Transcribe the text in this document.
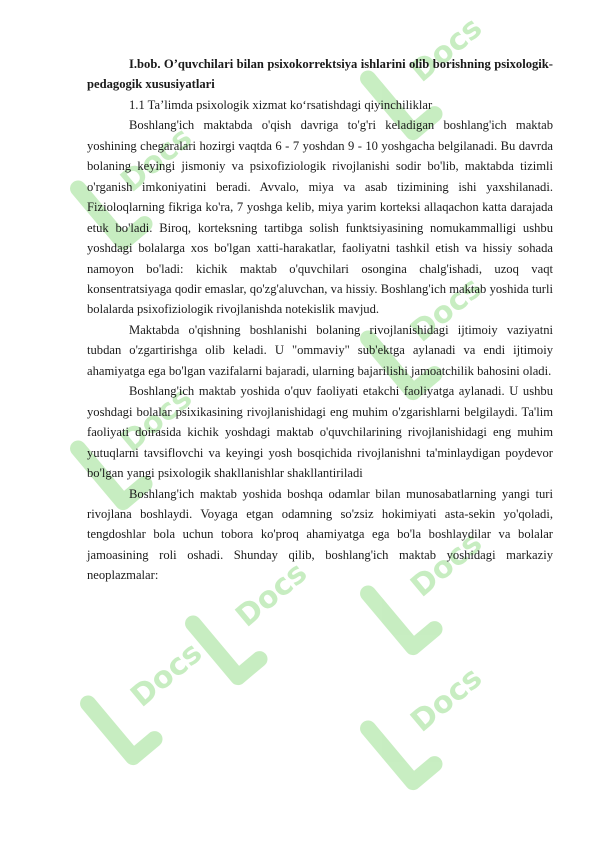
Docs
Docs
Docs
Docs
Docs
Docs	Docs
Docs

I.bob. O’quvchilari bilan psixokorrektsiya ishlarini olib borishning psixologik-pedagogik xususiyatlari

1.1 Ta’limda psixologik xizmat koʻrsatishdagi qiyinchiliklar

Boshlang'ich maktabda o'qish davriga to'g'ri keladigan boshlang'ich maktab yoshining chegaralari hozirgi vaqtda 6 - 7 yoshdan 9 - 10 yoshgacha belgilanadi. Bu davrda bolaning keyingi jismoniy va psixofiziologik rivojlanishi sodir bo'lib, maktabda tizimli o'rganish imkoniyatini beradi. Avvalo, miya va asab tizimining ishi yaxshilanadi. Fizioloqlarning fikriga ko'ra, 7 yoshga kelib, miya yarim korteksi allaqachon katta darajada etuk bo'ladi. Biroq, korteksning tartibga solish funktsiyasining nomukammalligi ushbu yoshdagi bolalarga xos bo'lgan xatti-harakatlar, faoliyatni tashkil etish va hissiy sohada namoyon bo'ladi: kichik maktab o'quvchilari osongina chalg'ishadi, uzoq vaqt konsentratsiyaga qodir emaslar, qo'zg'aluvchan, va hissiy. Boshlang'ich maktab yoshida turli bolalarda psixofiziologik rivojlanishda notekislik mavjud.

Maktabda o'qishning boshlanishi bolaning rivojlanishidagi ijtimoiy vaziyatni tubdan o'zgartirishga olib keladi. U "ommaviy" sub'ektga aylanadi va endi ijtimoiy ahamiyatga ega bo'lgan vazifalarni bajaradi, ularning bajarilishi jamoatchilik bahosini oladi.

Boshlang'ich maktab yoshida o'quv faoliyati etakchi faoliyatga aylanadi. U ushbu yoshdagi bolalar psixikasining rivojlanishidagi eng muhim o'zgarishlarni belgilaydi. Ta'lim faoliyati doirasida kichik yoshdagi maktab o'quvchilarining rivojlanishidagi eng muhim yutuqlarni tavsiflovchi va keyingi yosh bosqichida rivojlanishni ta'minlaydigan poydevor bo'lgan yangi psixologik shakllanishlar shakllantiriladi

Boshlang'ich maktab yoshida boshqa odamlar bilan munosabatlarning yangi turi rivojlana boshlaydi. Voyaga etgan odamning so'zsiz hokimiyati asta-sekin yo'qoladi, tengdoshlar bola uchun tobora ko'proq ahamiyatga ega bo'la boshlaydilar va bolalar jamoasining roli oshadi. Shunday qilib, boshlang'ich maktab yoshidagi markaziy neoplazmalar:
